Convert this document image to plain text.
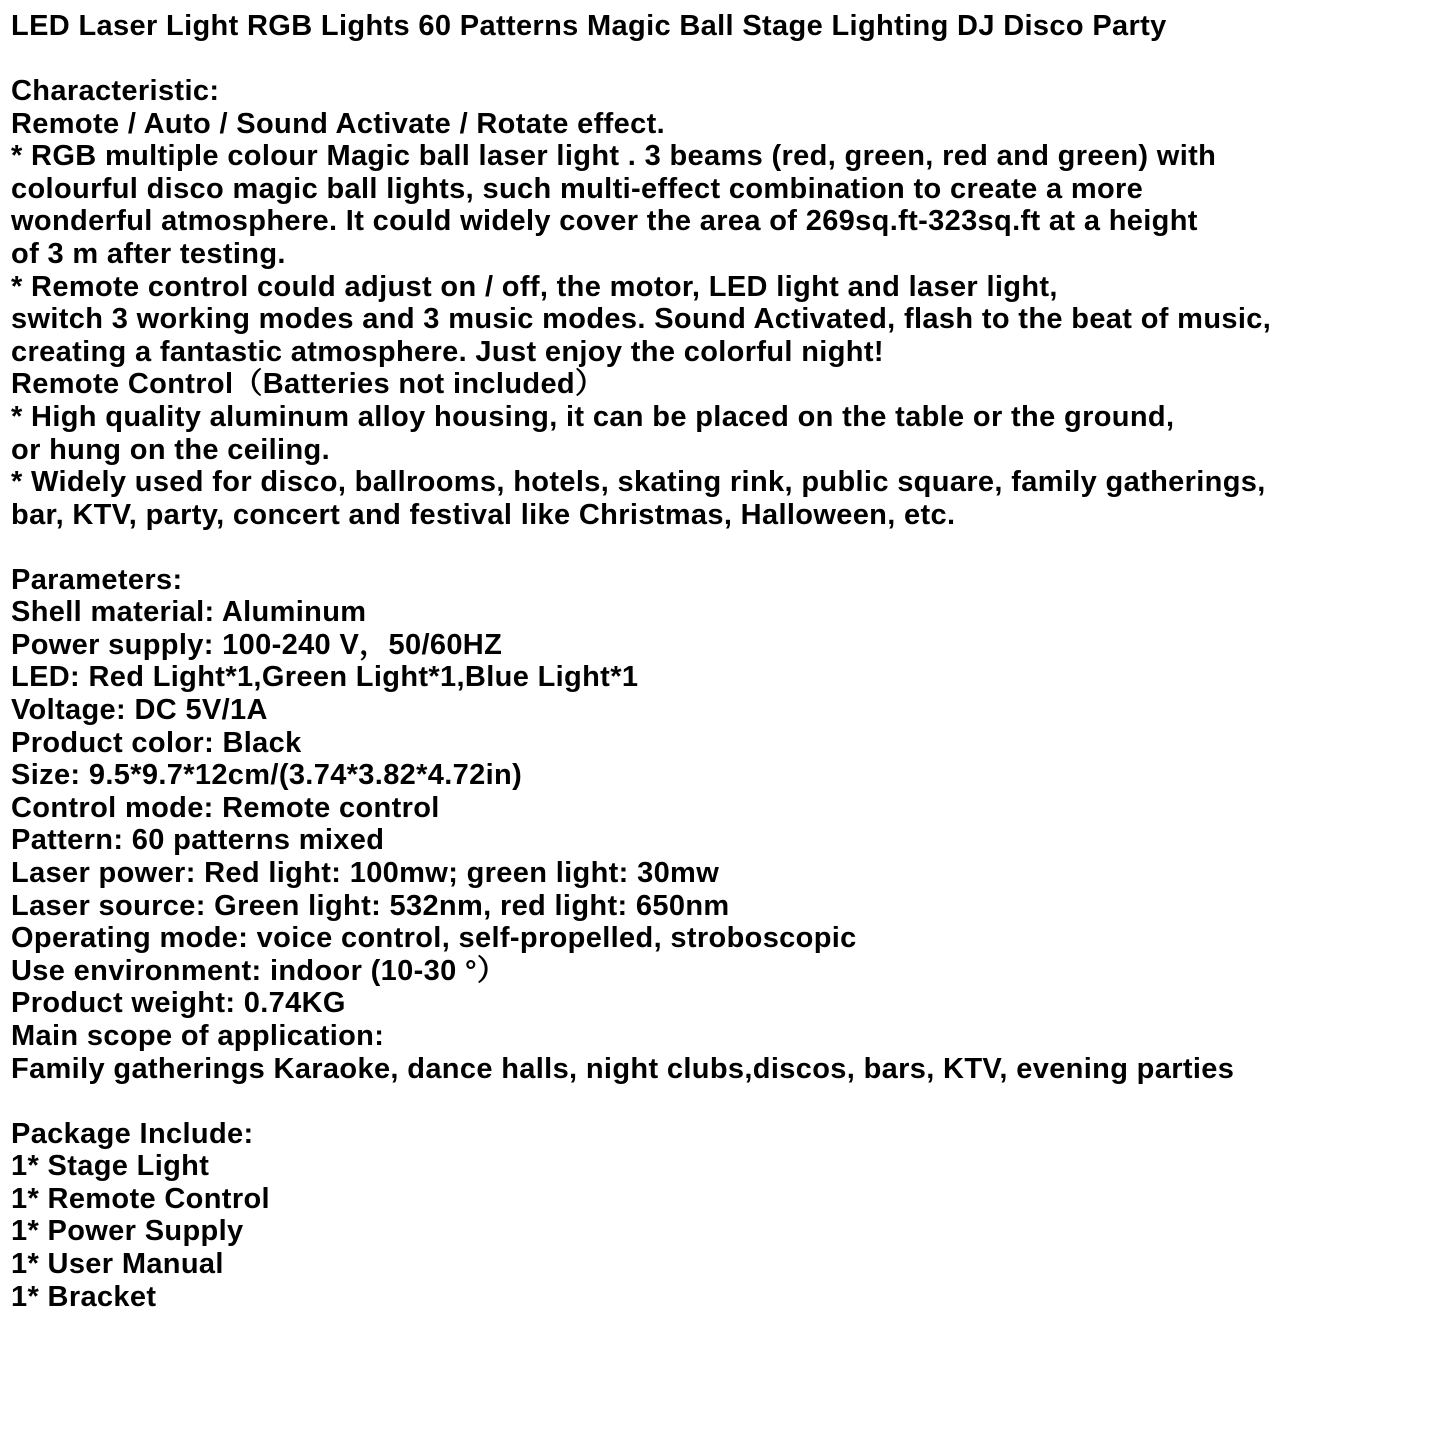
LED Laser Light RGB Lights 60 Patterns Magic Ball Stage Lighting DJ Disco Party
Characteristic:
Remote / Auto / Sound Activate / Rotate effect.
* RGB multiple colour Magic ball laser light . 3 beams (red, green, red and green) with
colourful disco magic ball lights, such multi-effect combination to create a more
wonderful atmosphere. It could widely cover the area of 269sq.ft-323sq.ft at a height
of 3 m after testing.
* Remote control could adjust on / off, the motor, LED light and laser light,
switch 3 working modes and 3 music modes. Sound Activated, flash to the beat of music,
creating a fantastic atmosphere. Just enjoy the colorful night!
Remote Control（Batteries not included）
* High quality aluminum alloy housing, it can be placed on the table or the ground,
or hung on the ceiling.
* Widely used for disco, ballrooms, hotels, skating rink, public square, family gatherings,
bar, KTV, party, concert and festival like Christmas, Halloween, etc.
Parameters:
Shell material: Aluminum
Power supply: 100-240 V，50/60HZ
LED: Red Light*1,Green Light*1,Blue Light*1
Voltage: DC 5V/1A
Product color: Black
Size: 9.5*9.7*12cm/(3.74*3.82*4.72in)
Control mode: Remote control
Pattern: 60 patterns mixed
Laser power: Red light: 100mw; green light: 30mw
Laser source: Green light: 532nm, red light: 650nm
Operating mode: voice control, self-propelled, stroboscopic
Use environment: indoor (10-30 °）
Product weight: 0.74KG
Main scope of application:
Family gatherings Karaoke, dance halls, night clubs,discos, bars, KTV, evening parties
Package Include:
1* Stage Light
1* Remote Control
1* Power Supply
1* User Manual
1* Bracket
